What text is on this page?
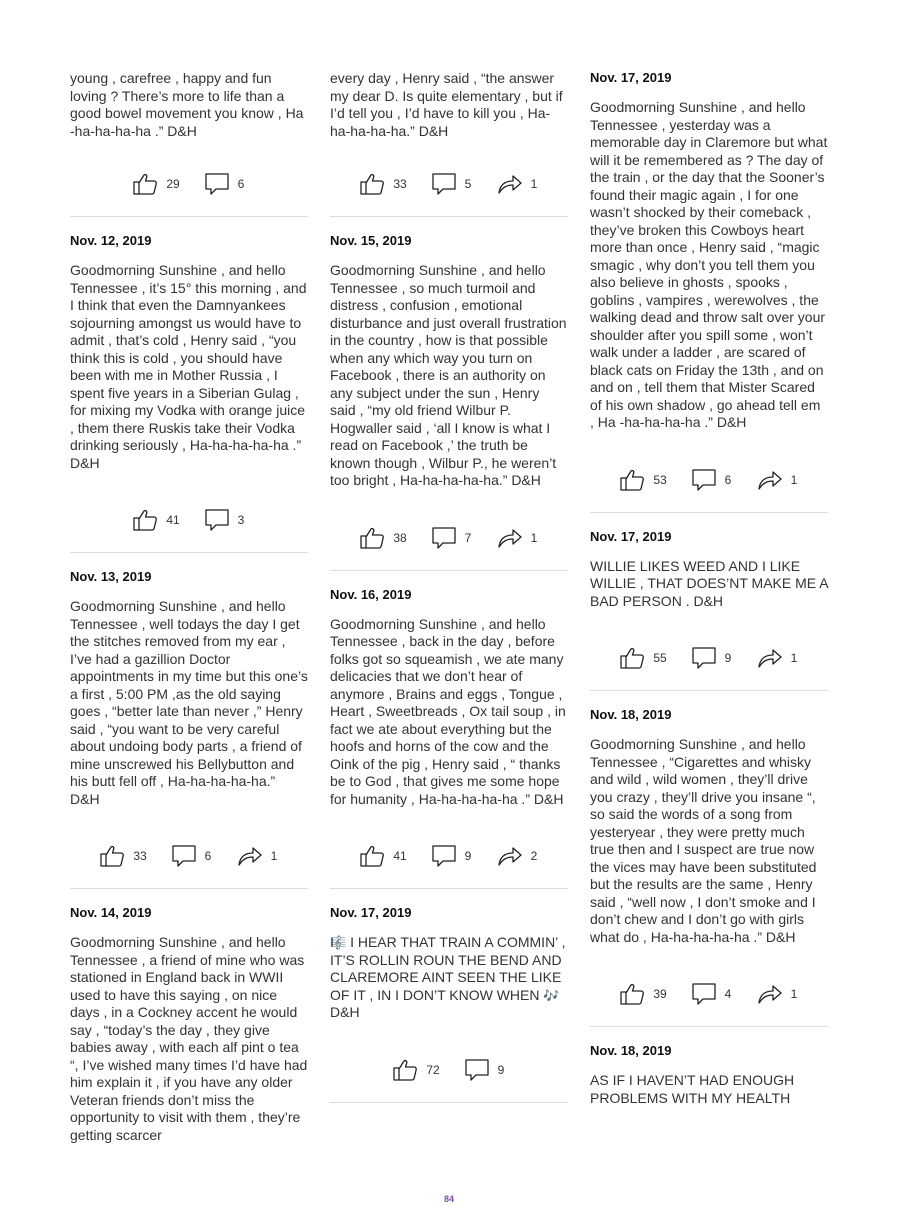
young , carefree , happy and fun loving ? There’s more to life than a good bowel movement you know , Ha -ha-ha-ha-ha .” D&H

29	6
Nov. 12, 2019

Goodmorning Sunshine , and hello Tennessee , it’s 15° this morning , and I think that even the Damnyankees sojourning amongst us would have to admit , that’s cold , Henry said , “you think this is cold , you should have been with me in Mother Russia , I spent five years in a Siberian Gulag , for mixing my Vodka with orange juice , them there Ruskis take their Vodka drinking seriously , Ha-ha-ha-ha-ha .” D&H

41	3
Nov. 13, 2019

Goodmorning Sunshine , and hello Tennessee , well todays the day I get the stitches removed from my ear , I’ve had a gazillion Doctor appointments in my time but this one’s a first , 5:00 PM ,as the old saying goes , “better late than never ,” Henry said , “you want to be very careful about undoing body parts , a friend of mine unscrewed his Bellybutton and his butt fell off , Ha-ha-ha-ha-ha.” D&H

33	6	1
Nov. 14, 2019

Goodmorning Sunshine , and hello Tennessee , a friend of mine who was stationed in England back in WWII used to have this saying , on nice days , in a Cockney accent he would say , “today’s the day , they give babies away , with each alf pint o tea “, I’ve wished many times I’d have had him explain it , if you have any older Veteran friends don’t miss the opportunity to visit with them , they’re getting scarcer

every day , Henry said , “the answer my dear D. Is quite elementary , but if I’d tell you , I’d have to kill you , Ha-ha-ha-ha-ha.” D&H

33	5	1
Nov. 15, 2019

Goodmorning Sunshine , and hello Tennessee , so much turmoil and distress , confusion , emotional disturbance and just overall frustration in the country , how is that possible when any which way you turn on Facebook , there is an authority on any subject under the sun , Henry said , “my old friend Wilbur P. Hogwaller said , ‘all I know is what I read on Facebook ,’ the truth be known though , Wilbur P., he weren’t too bright , Ha-ha-ha-ha-ha.” D&H

38	7	1
Nov. 16, 2019

Goodmorning Sunshine , and hello Tennessee , back in the day , before folks got so squeamish , we ate many delicacies that we don’t hear of anymore , Brains and eggs , Tongue , Heart , Sweetbreads , Ox tail soup , in fact we ate about everything but the hoofs and horns of the cow and the Oink of the pig , Henry said , “ thanks be to God , that gives me some hope for humanity , Ha-ha-ha-ha-ha .” D&H

41	9	2
Nov. 17, 2019

🎼 I HEAR THAT TRAIN A COMMIN’ , IT’S ROLLIN ROUN THE BEND AND CLAREMORE AINT SEEN THE LIKE OF IT , IN I DON’T KNOW WHEN 🎶 D&H

72	9
Nov. 17, 2019

Goodmorning Sunshine , and hello Tennessee , yesterday was a memorable day in Claremore but what will it be remembered as ? The day of the train , or the day that the Sooner’s found their magic again , I for one wasn’t shocked by their comeback , they’ve broken this Cowboys heart more than once , Henry said , “magic smagic , why don’t you tell them you also believe in ghosts , spooks , goblins , vampires , werewolves , the walking dead and throw salt over your shoulder after you spill some , won’t walk under a ladder , are scared of black cats on Friday the 13th , and on and on , tell them that Mister Scared of his own shadow , go ahead tell em , Ha -ha-ha-ha-ha .” D&H

53	6	1
Nov. 17, 2019

WILLIE LIKES WEED AND I LIKE WILLIE , THAT DOES’NT MAKE ME A BAD PERSON . D&H

55	9	1
Nov. 18, 2019

Goodmorning Sunshine , and hello Tennessee , “Cigarettes and whisky and wild , wild women , they’ll drive you crazy , they’ll drive you insane “, so said the words of a song from yesteryear , they were pretty much true then and I suspect are true now the vices may have been substituted but the results are the same , Henry said , “well now , I don’t smoke and I don’t chew and I don’t go with girls what do , Ha-ha-ha-ha-ha .” D&H

39	4	1
Nov. 18, 2019

AS IF I HAVEN’T HAD ENOUGH PROBLEMS WITH MY HEALTH

84
